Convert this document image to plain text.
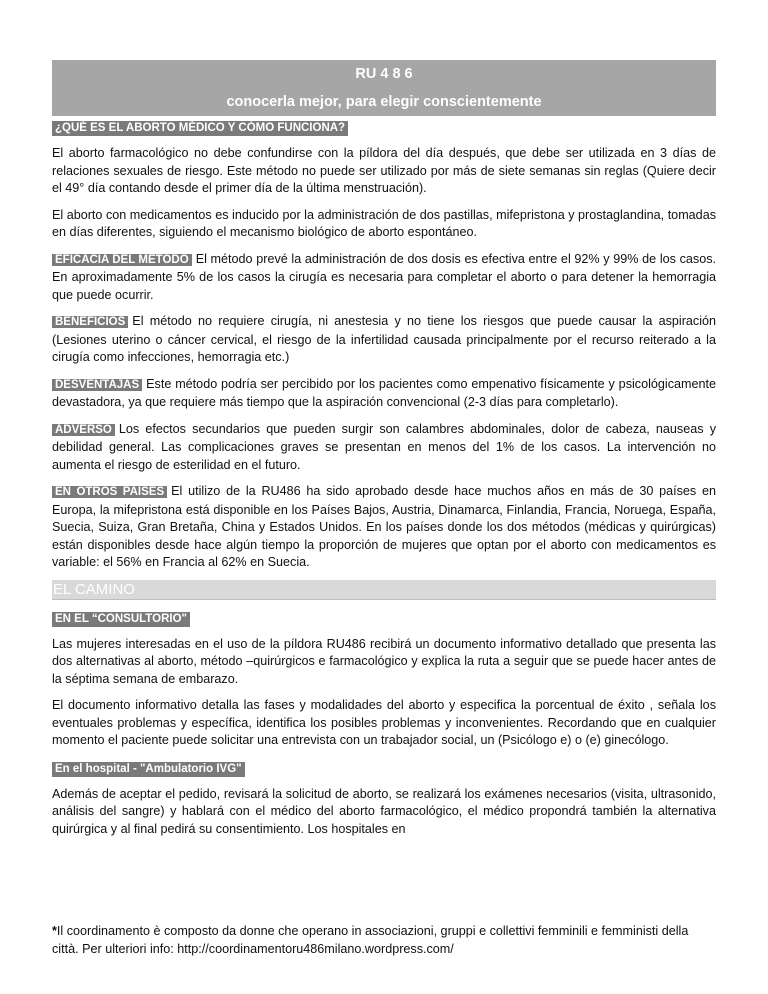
RU 4 8 6
conocerla mejor, para elegir conscientemente
¿QUÉ ES EL ABORTO MÉDICO Y CÓMO FUNCIONA?

El aborto farmacológico no debe confundirse con la píldora del día después, que debe ser utilizada en 3 días de relaciones sexuales de riesgo. Este método no puede ser utilizado por más de siete semanas sin reglas (Quiere decir el 49° día contando desde el primer día de la última menstruación).

El aborto con medicamentos es inducido por la administración de dos pastillas, mifepristona y prostaglandina, tomadas en días diferentes, siguiendo el mecanismo biológico de aborto espontáneo.

EFICACIA DEL MÉTODO El método prevé la administración de dos dosis es efectiva entre el 92% y 99% de los casos. En aproximadamente 5% de los casos la cirugía es necesaria para completar el aborto o para detener la hemorragia que puede ocurrir.

BENEFICIOS El método no requiere cirugía, ni anestesia y no tiene los riesgos que puede causar la aspiración (Lesiones uterino o cáncer cervical, el riesgo de la infertilidad causada principalmente por el recurso reiterado a la cirugía como infecciones, hemorragia etc.)

DESVENTAJAS Este método podría ser percibido por los pacientes como empenativo físicamente y psicológicamente devastadora, ya que requiere más tiempo que la aspiración convencional (2-3 días para completarlo).

ADVERSO Los efectos secundarios que pueden surgir son calambres abdominales, dolor de cabeza, nauseas y debilidad general. Las complicaciones graves se presentan en menos del 1% de los casos. La intervención no aumenta el riesgo de esterilidad en el futuro.

EN OTROS PAISES El utilizo de la RU486 ha sido aprobado desde hace muchos años en más de 30 países en Europa, la mifepristona está disponible en los Países Bajos, Austria, Dinamarca, Finlandia, Francia, Noruega, España, Suecia, Suiza, Gran Bretaña, China y Estados Unidos. En los países donde los dos métodos (médicas y quirúrgicas) están disponibles desde hace algún tiempo la proporción de mujeres que optan por el aborto con medicamentos es variable: el 56% en Francia al 62% en Suecia.

EL CAMINO
EN EL “CONSULTORIO"

Las mujeres interesadas en el uso de la píldora RU486 recibirá un documento informativo detallado que presenta las dos alternativas al aborto, método –quirúrgicos e farmacológico y explica la ruta a seguir que se puede hacer antes de la séptima semana de embarazo.

El documento informativo detalla las fases y modalidades del aborto y especifica la porcentual de éxito , señala los eventuales problemas y específica, identifica los posibles problemas y inconvenientes. Recordando que en cualquier momento el paciente puede solicitar una entrevista con un trabajador social, un (Psicólogo e) o (e) ginecólogo.

En el hospital - "Ambulatorio IVG"

Además de aceptar el pedido, revisará la solicitud de aborto, se realizará los exámenes necesarios (visita, ultrasonido, análisis del sangre) y hablará con el médico del aborto farmacológico, el médico propondrá también la alternativa quirúrgica y al final pedirá su consentimiento. Los hospitales en

*Il coordinamento è composto da donne che operano in associazioni, gruppi e collettivi femminili e femministi della città. Per ulteriori info: http://coordinamentoru486milano.wordpress.com/
